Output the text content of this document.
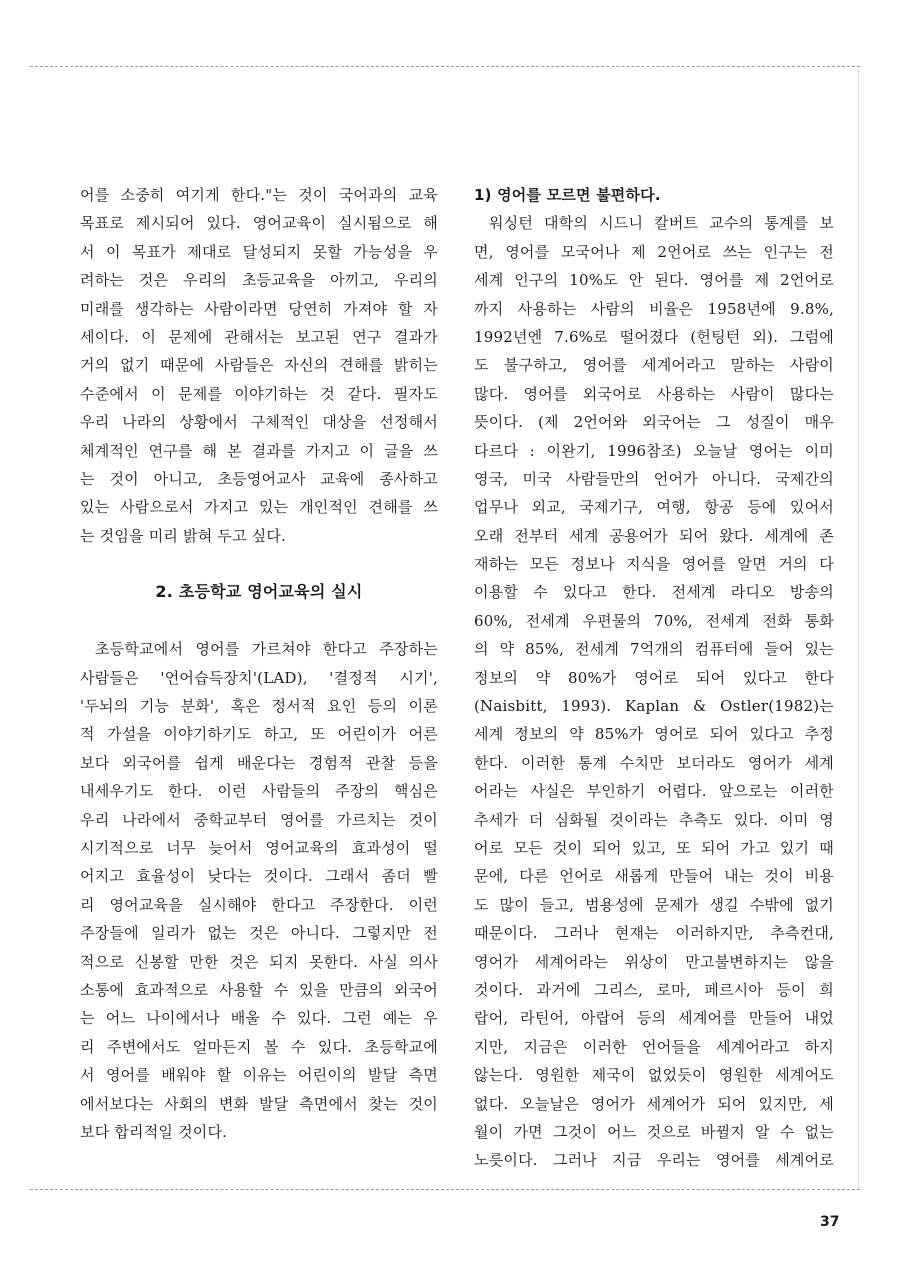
어를 소중히 여기게 한다."는 것이 국어과의 교육
목표로 제시되어 있다. 영어교육이 실시됨으로 해
서 이 목표가 제대로 달성되지 못할 가능성을 우
려하는 것은 우리의 초등교육을 아끼고, 우리의
미래를 생각하는 사람이라면 당연히 가져야 할 자
세이다. 이 문제에 관해서는 보고된 연구 결과가
거의 없기 때문에 사람들은 자신의 견해를 밝히는
수준에서 이 문제를 이야기하는 것 같다. 필자도
우리 나라의 상황에서 구체적인 대상을 선정해서
체계적인 연구를 해 본 결과를 가지고 이 글을 쓰
는 것이 아니고, 초등영어교사 교육에 종사하고
있는 사람으로서 가지고 있는 개인적인 견해를 쓰
는 것임을 미리 밝혀 두고 싶다.
2. 초등학교 영어교육의 실시
초등학교에서 영어를 가르쳐야 한다고 주장하는
사람들은 '언어습득장치'(LAD), '결정적 시기',
'두뇌의 기능 분화', 혹은 정서적 요인 등의 이론
적 가설을 이야기하기도 하고, 또 어린이가 어른
보다 외국어를 쉽게 배운다는 경험적 관찰 등을
내세우기도 한다. 이런 사람들의 주장의 핵심은
우리 나라에서 중학교부터 영어를 가르치는 것이
시기적으로 너무 늦어서 영어교육의 효과성이 떨
어지고 효율성이 낮다는 것이다. 그래서 좀더 빨
리 영어교육을 실시해야 한다고 주장한다. 이런
주장들에 일리가 없는 것은 아니다. 그렇지만 전
적으로 신봉할 만한 것은 되지 못한다. 사실 의사
소통에 효과적으로 사용할 수 있을 만큼의 외국어
는 어느 나이에서나 배울 수 있다. 그런 예는 우
리 주변에서도 얼마든지 볼 수 있다. 초등학교에
서 영어를 배워야 할 이유는 어린이의 발달 측면
에서보다는 사회의 변화 발달 측면에서 찾는 것이
보다 합리적일 것이다.
1) 영어를 모르면 불편하다.
워싱턴 대학의 시드니 칼버트 교수의 통계를 보
면, 영어를 모국어나 제 2언어로 쓰는 인구는 전
세계 인구의 10%도 안 된다. 영어를 제 2언어로
까지 사용하는 사람의 비율은 1958년에 9.8%,
1992년엔 7.6%로 떨어졌다 (헌팅턴 외). 그럼에
도 불구하고, 영어를 세계어라고 말하는 사람이
많다. 영어를 외국어로 사용하는 사람이 많다는
뜻이다. (제 2언어와 외국어는 그 성질이 매우
다르다 : 이완기, 1996참조) 오늘날 영어는 이미
영국, 미국 사람들만의 언어가 아니다. 국제간의
업무나 외교, 국제기구, 여행, 항공 등에 있어서
오래 전부터 세계 공용어가 되어 왔다. 세계에 존
재하는 모든 정보나 지식을 영어를 알면 거의 다
이용할 수 있다고 한다. 전세계 라디오 방송의
60%, 전세계 우편물의 70%, 전세계 전화 통화
의 약 85%, 전세계 7억개의 컴퓨터에 들어 있는
정보의 약 80%가 영어로 되어 있다고 한다
(Naisbitt, 1993). Kaplan & Ostler(1982)는
세계 정보의 약 85%가 영어로 되어 있다고 추정
한다. 이러한 통계 수치만 보더라도 영어가 세계
어라는 사실은 부인하기 어렵다. 앞으로는 이러한
추세가 더 심화될 것이라는 추측도 있다. 이미 영
어로 모든 것이 되어 있고, 또 되어 가고 있기 때
문에, 다른 언어로 새롭게 만들어 내는 것이 비용
도 많이 들고, 범용성에 문제가 생길 수밖에 없기
때문이다. 그러나 현재는 이러하지만, 추측컨대,
영어가 세계어라는 위상이 만고불변하지는 않을
것이다. 과거에 그리스, 로마, 페르시아 등이 희
랍어, 라틴어, 아랍어 등의 세계어를 만들어 내었
지만, 지금은 이러한 언어들을 세계어라고 하지
않는다. 영원한 제국이 없었듯이 영원한 세계어도
없다. 오늘날은 영어가 세계어가 되어 있지만, 세
월이 가면 그것이 어느 것으로 바뀔지 알 수 없는
노릇이다. 그러나 지금 우리는 영어를 세계어로
37
